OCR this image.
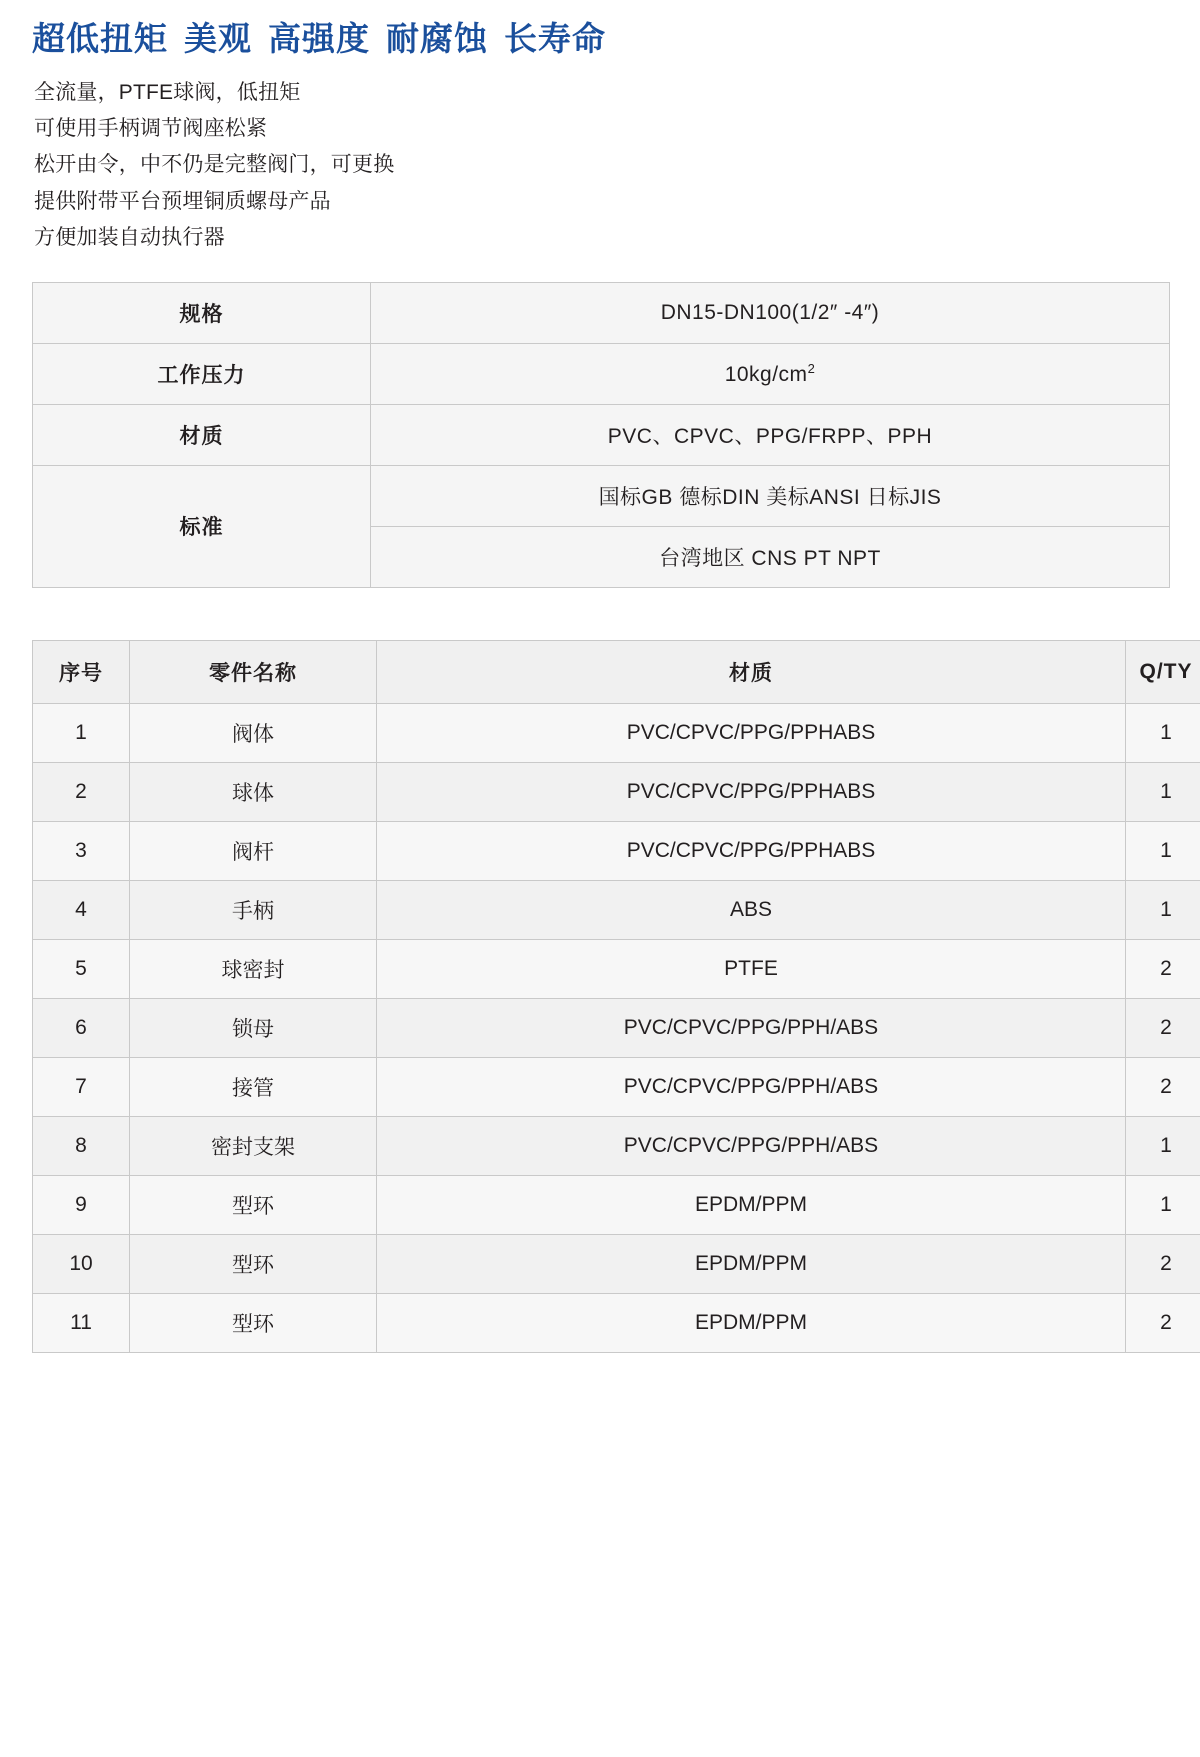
超低扭矩 美观 高强度 耐腐蚀 长寿命
全流量，PTFE球阀，低扭矩
可使用手柄调节阀座松紧
松开由令，中不仍是完整阀门，可更换
提供附带平台预埋铜质螺母产品
方便加装自动执行器
规格	DN15-DN100(1/2″ -4″)
工作压力	$10kg/cm^2$
材质	PVC、CPVC、PPG/FRPP、PPH
标准	国标GB 德标DIN 美标ANSI 日标JIS
	台湾地区 CNS PT NPT
序号	零件名称	材质	Q/TY
1	阀体	PVC/CPVC/PPG/PPHABS	1
2	球体	PVC/CPVC/PPG/PPHABS	1
3	阀杆	PVC/CPVC/PPG/PPHABS	1
4	手柄	ABS	1
5	球密封	PTFE	2
6	锁母	PVC/CPVC/PPG/PPH/ABS	2
7	接管	PVC/CPVC/PPG/PPH/ABS	2
8	密封支架	PVC/CPVC/PPG/PPH/ABS	1
9	型环	EPDM/PPM	1
10	型环	EPDM/PPM	2
11	型环	EPDM/PPM	2
